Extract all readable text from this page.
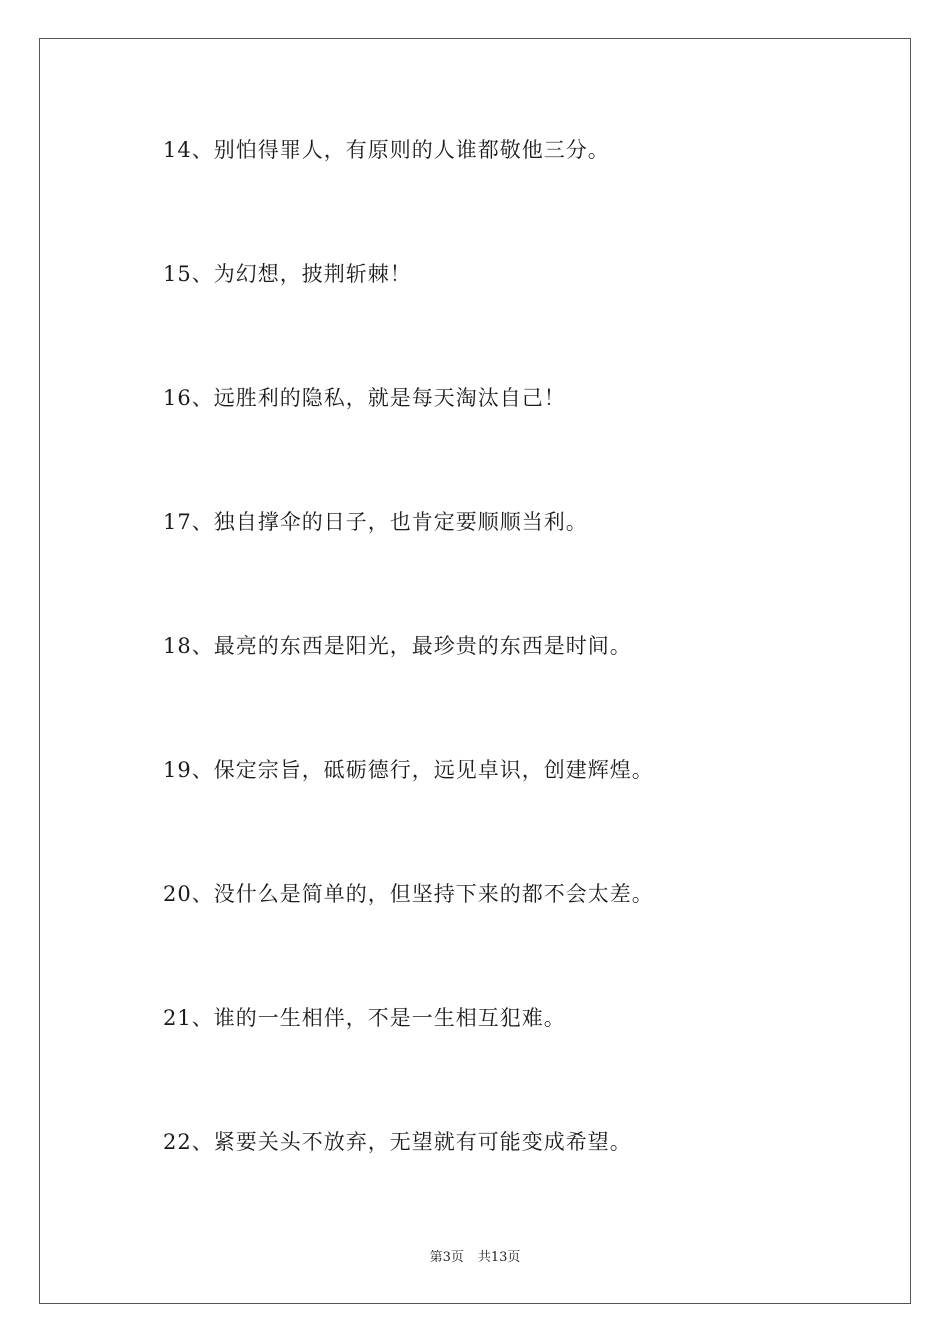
14、别怕得罪人，有原则的人谁都敬他三分。
15、为幻想，披荆斩棘！
16、远胜利的隐私，就是每天淘汰自己！
17、独自撑伞的日子，也肯定要顺顺当利。
18、最亮的东西是阳光，最珍贵的东西是时间。
19、保定宗旨，砥砺德行，远见卓识，创建辉煌。
20、没什么是简单的，但坚持下来的都不会太差。
21、谁的一生相伴，不是一生相互犯难。
22、紧要关头不放弃，无望就有可能变成希望。
第3页 共13页
